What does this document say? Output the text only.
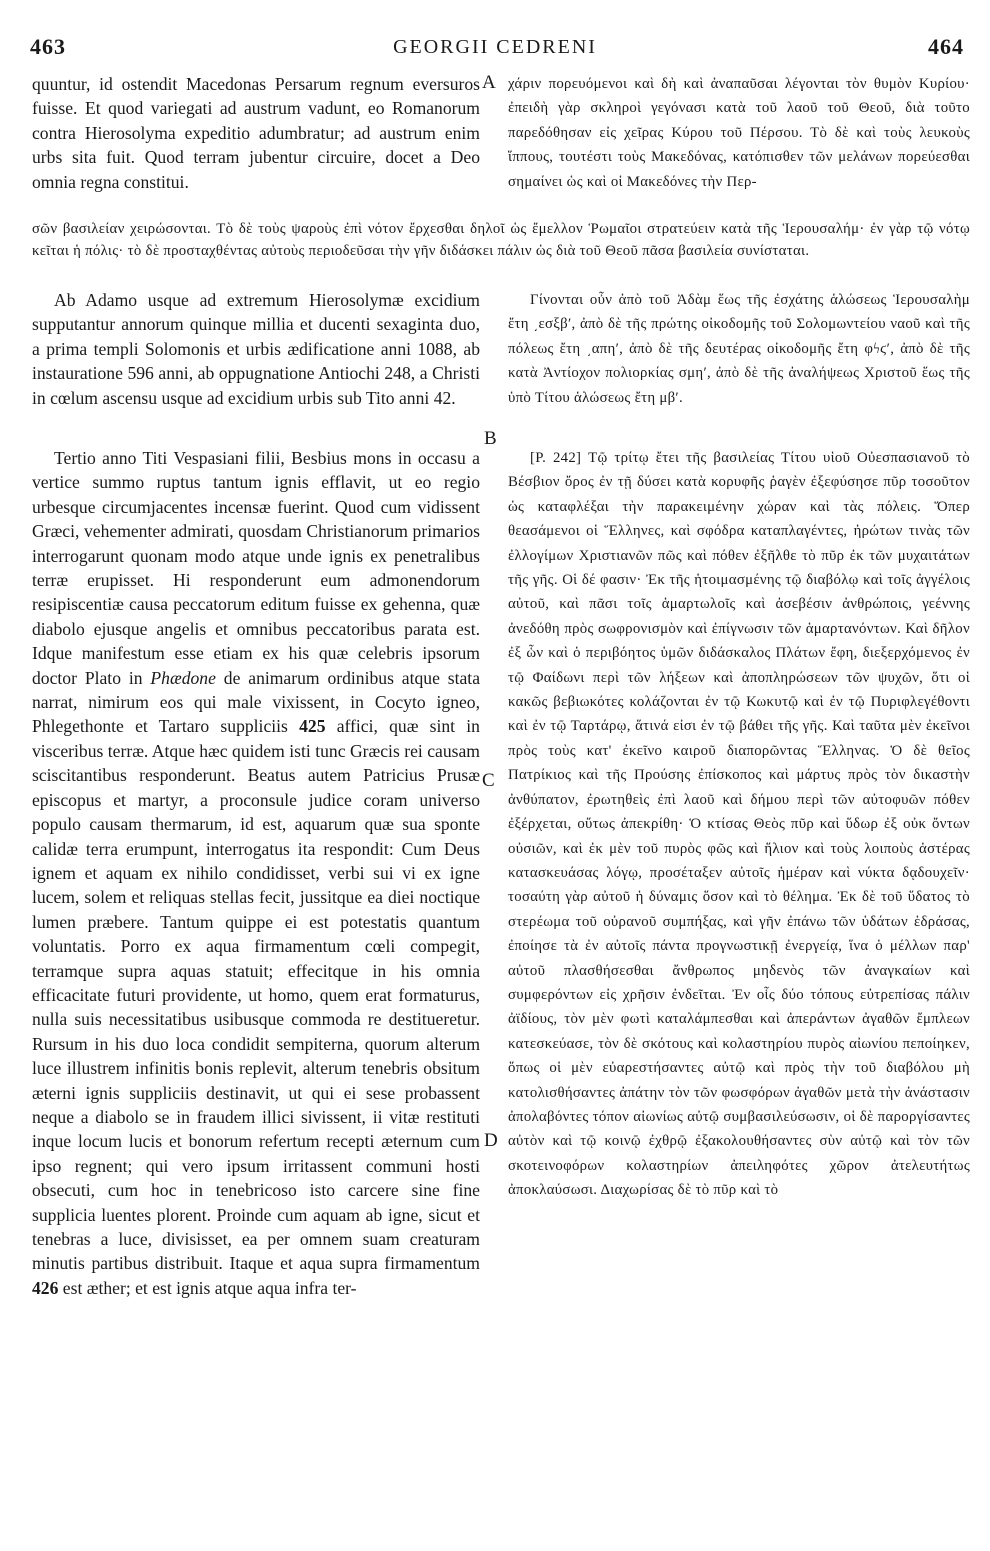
463	GEORGII CEDRENI	464

quuntur, id ostendit Macedonas Persarum regnum eversuros fuisse. Et quod variegati ad austrum vadunt, eo Romanorum contra Hierosolyma expeditio adumbratur; ad austrum enim urbs sita fuit. Quod terram jubentur circuire, docet a Deo omnia regna constitui.

A χάριν πορευόμενοι καὶ δὴ καὶ ἀναπαῦσαι λέγονται τὸν θυμὸν Κυρίου· ἐπειδὴ γὰρ σκληροὶ γεγόνασι κατὰ τοῦ λαοῦ τοῦ Θεοῦ, διὰ τοῦτο παρεδόθησαν εἰς χεῖρας Κύρου τοῦ Πέρσου. Τὸ δὲ καὶ τοὺς λευκοὺς ἵππους, τουτέστι τοὺς Μακεδόνας, κατόπισθεν τῶν μελάνων πορεύεσθαι σημαίνει ὡς καὶ οἱ Μακεδόνες τὴν Περ-

σῶν βασιλείαν χειρώσονται. Τὸ δὲ τοὺς ψαροὺς ἐπὶ νότον ἔρχεσθαι δηλοῖ ὡς ἔμελλον Ῥωμαῖοι στρατεύειν κατὰ τῆς Ἱερουσαλήμ· ἐν γὰρ τῷ νότῳ κεῖται ἡ πόλις· τὸ δὲ προσταχθέντας αὐτοὺς περιοδεῦσαι τὴν γῆν διδάσκει πάλιν ὡς διὰ τοῦ Θεοῦ πᾶσα βασιλεία συνίσταται.

Ab Adamo usque ad extremum Hierosolymæ excidium supputantur annorum quinque millia et ducenti sexaginta duo, a prima templi Solomonis et urbis ædificatione anni 1088, ab instauratione 596 anni, ab oppugnatione Antiochi 248, a Christi in cœlum ascensu usque ad excidium urbis sub Tito anni 42.

Γίνονται οὖν ἀπὸ τοῦ Ἀδὰμ ἕως τῆς ἐσχάτης ἁλώσεως Ἱερουσαλὴμ ἔτη ͵εσξβʹ, ἀπὸ δὲ τῆς πρώτης οἰκοδομῆς τοῦ Σολομωντείου ναοῦ καὶ τῆς πόλεως ἔτη ͵απηʹ, ἀπὸ δὲ τῆς δευτέρας οἰκοδομῆς ἔτη φϟϛʹ, ἀπὸ δὲ τῆς κατὰ Ἀντίοχον πολιορκίας σμηʹ, ἀπὸ δὲ τῆς ἀναλήψεως Χριστοῦ ἕως τῆς ὑπὸ Τίτου ἁλώσεως ἔτη μβʹ.

B

Tertio anno Titi Vespasiani filii, Besbius mons in occasu a vertice summo ruptus tantum ignis efflavit, ut eo regio urbesque circumjacentes incensæ fuerint. Quod cum vidissent Græci, vehementer admirati, quosdam Christianorum primarios interrogarunt quonam modo atque unde ignis ex penetralibus terræ erupisset. Hi responderunt eum admonendorum resipiscentiæ causa peccatorum editum fuisse ex gehenna, quæ diabolo ejusque angelis et omnibus peccatoribus parata est. Idque manifestum esse etiam ex his quæ celebris ipsorum doctor Plato in Phædone de animarum ordinibus atque stata narrat, nimirum eos qui male vixissent, in Cocyto igneo, Phlegethonte et Tartaro suppliciis 425 affici, quæ sint in visceribus terræ. Atque hæc quidem isti tunc Græcis rei causam sciscitantibus responderunt. Beatus autem Patricius Prusæ episcopus et martyr, a proconsule judice coram universo populo causam thermarum, id est, aquarum quæ sua sponte calidæ terra erumpunt, interrogatus ita respondit: Cum Deus ignem et aquam ex nihilo condidisset, verbi sui vi ex igne lucem, solem et reliquas stellas fecit, jussitque ea diei noctique lumen præbere. Tantum quippe ei est potestatis quantum voluntatis. Porro ex aqua firmamentum cœli compegit, terramque supra aquas statuit; effecitque in his omnia efficacitate futuri providente, ut homo, quem erat formaturus, nulla suis necessitatibus usibusque commoda re destitueretur. Rursum in his duo loca condidit sempiterna, quorum alterum luce illustrem infinitis bonis replevit, alterum tenebris obsitum æterni ignis suppliciis destinavit, ut qui ei sese probassent neque a diabolo se in fraudem illici sivissent, ii vitæ restituti inque locum lucis et bonorum refertum recepti æternum cum ipso regnent; qui vero ipsum irritassent communi hosti obsecuti, cum hoc in tenebricoso isto carcere sine fine supplicia luentes plorent. Proinde cum aquam ab igne, sicut et tenebras a luce, divisisset, ea per omnem suam creaturam minutis partibus distribuit. Itaque et aqua supra firmamentum 426 est æther; et est ignis atque aqua infra ter-

[P. 242] Τῷ τρίτῳ ἔτει τῆς βασιλείας Τίτου υἱοῦ Οὐεσπασιανοῦ τὸ Βέσβιον ὄρος ἐν τῇ δύσει κατὰ κορυφῆς ῥαγὲν ἐξεφύσησε πῦρ τοσοῦτον ὡς καταφλέξαι τὴν παρακειμένην χώραν καὶ τὰς πόλεις. Ὅπερ θεασάμενοι οἱ Ἕλληνες, καὶ σφόδρα καταπλαγέντες, ἠρώτων τινὰς τῶν ἐλλογίμων Χριστιανῶν πῶς καὶ πόθεν ἐξῆλθε τὸ πῦρ ἐκ τῶν μυχαιτάτων τῆς γῆς. Οἱ δέ φασιν· Ἐκ τῆς ἡτοιμασμένης τῷ διαβόλῳ καὶ τοῖς ἀγγέλοις αὐτοῦ, καὶ πᾶσι τοῖς ἁμαρτωλοῖς καὶ ἀσεβέσιν ἀνθρώποις, γεέννης ἀνεδόθη πρὸς σωφρονισμὸν καὶ ἐπίγνωσιν τῶν ἁμαρτανόντων. Καὶ δῆλον ἐξ ὧν καὶ ὁ περιβόητος ὑμῶν διδάσκαλος Πλάτων ἔφη, διεξερχόμενος ἐν τῷ Φαίδωνι περὶ τῶν λήξεων καὶ ἀποπληρώσεων τῶν ψυχῶν, ὅτι οἱ κακῶς βεβιωκότες κολάζονται ἐν τῷ Κωκυτῷ καὶ ἐν τῷ Πυριφλεγέθοντι καὶ ἐν τῷ Ταρτάρῳ, ἅτινά εἰσι ἐν τῷ βάθει τῆς γῆς. Καὶ ταῦτα μὲν ἐκεῖνοι πρὸς τοὺς κατ' ἐκεῖνο καιροῦ διαπορῶντας Ἕλληνας. Ὁ δὲ θεῖος Πατρίκιος καὶ τῆς Προύσης ἐπίσκοπος καὶ μάρτυς πρὸς τὸν δικαστὴν ἀνθύπατον, ἐρωτηθεὶς ἐπὶ λαοῦ καὶ δήμου περὶ τῶν αὐτοφυῶν πόθεν ἐξέρχεται, οὕτως ἀπεκρίθη· Ὁ κτίσας Θεὸς πῦρ καὶ ὕδωρ ἐξ οὐκ ὄντων οὐσιῶν, καὶ ἐκ μὲν τοῦ πυρὸς φῶς καὶ ἥλιον καὶ τοὺς λοιποὺς ἀστέρας κατασκευάσας λόγῳ, προσέταξεν αὐτοῖς ἡμέραν καὶ νύκτα δᾳδουχεῖν· τοσαύτη γὰρ αὐτοῦ ἡ δύναμις ὅσον καὶ τὸ θέλημα. Ἐκ δὲ τοῦ ὕδατος τὸ στερέωμα τοῦ οὐρανοῦ συμπήξας, καὶ γῆν ἐπάνω τῶν ὑδάτων ἑδράσας, ἐποίησε τὰ ἐν αὐτοῖς πάντα προγνωστικῇ ἐνεργείᾳ, ἵνα ὁ μέλλων παρ' αὐτοῦ πλασθήσεσθαι ἄνθρωπος μηδενὸς τῶν ἀναγκαίων καὶ συμφερόντων εἰς χρῆσιν ἐνδεῖται. Ἐν οἷς δύο τόπους εὐτρεπίσας πάλιν ἀϊδίους, τὸν μὲν φωτὶ καταλάμπεσθαι καὶ ἀπεράντων ἀγαθῶν ἔμπλεων κατεσκεύασε, τὸν δὲ σκότους καὶ κολαστηρίου πυρὸς αἰωνίου πεποίηκεν, ὅπως οἱ μὲν εὐαρεστήσαντες αὐτῷ καὶ πρὸς τὴν τοῦ διαβόλου μὴ κατολισθήσαντες ἀπάτην τὸν τῶν φωσφόρων ἀγαθῶν μετὰ τὴν ἀνάστασιν ἀπολαβόντες τόπον αἰωνίως αὐτῷ συμβασιλεύσωσιν, οἱ δὲ παροργίσαντες αὐτὸν καὶ τῷ κοινῷ ἐχθρῷ ἐξακολουθήσαντες σὺν αὐτῷ καὶ τὸν τῶν σκοτεινοφόρων κολαστηρίων ἀπειληφότες χῶρον ἀτελευτήτως ἀποκλαύσωσι. Διαχωρίσας δὲ τὸ πῦρ καὶ τὸ

C
D
